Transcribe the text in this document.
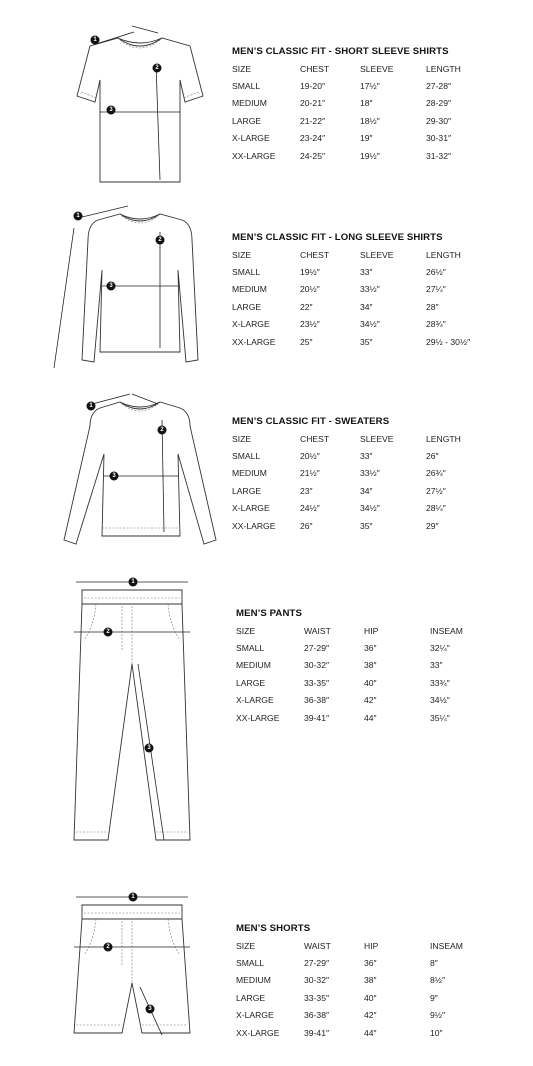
1
2
3
MEN’S CLASSIC FIT - SHORT SLEEVE SHIRTS
SIZE	CHEST	SLEEVE	LENGTH
SMALL	19-20″	17½″	27-28″
MEDIUM	20-21″	18″	28-29″
LARGE	21-22″	18½″	29-30″
X-LARGE	23-24″	19″	30-31″
XX-LARGE	24-25″	19½″	31-32″
1
2
3
MEN’S CLASSIC FIT - LONG SLEEVE SHIRTS
SIZE	CHEST	SLEEVE	LENGTH
SMALL	19½″	33″	26½″
MEDIUM	20½″	33½″	27¼″
LARGE	22″	34″	28″
X-LARGE	23½″	34½″	28¾″
XX-LARGE	25″	35″	29½ - 30½″
1
2
3
MEN’S CLASSIC FIT - SWEATERS
SIZE	CHEST	SLEEVE	LENGTH
SMALL	20½″	33″	26″
MEDIUM	21½″	33½″	26¾″
LARGE	23″	34″	27½″
X-LARGE	24½″	34½″	28¼″
XX-LARGE	26″	35″	29″
1
2
3
MEN’S PANTS
SIZE	WAIST	HIP	INSEAM
SMALL	27-29″	36″	32¼″
MEDIUM	30-32″	38″	33″
LARGE	33-35″	40″	33¾″
X-LARGE	36-38″	42″	34½″
XX-LARGE	39-41″	44″	35¼″
1
2
3
MEN’S SHORTS
SIZE	WAIST	HIP	INSEAM
SMALL	27-29″	36″	8″
MEDIUM	30-32″	38″	8½″
LARGE	33-35″	40″	9″
X-LARGE	36-38″	42″	9½″
XX-LARGE	39-41″	44″	10″
